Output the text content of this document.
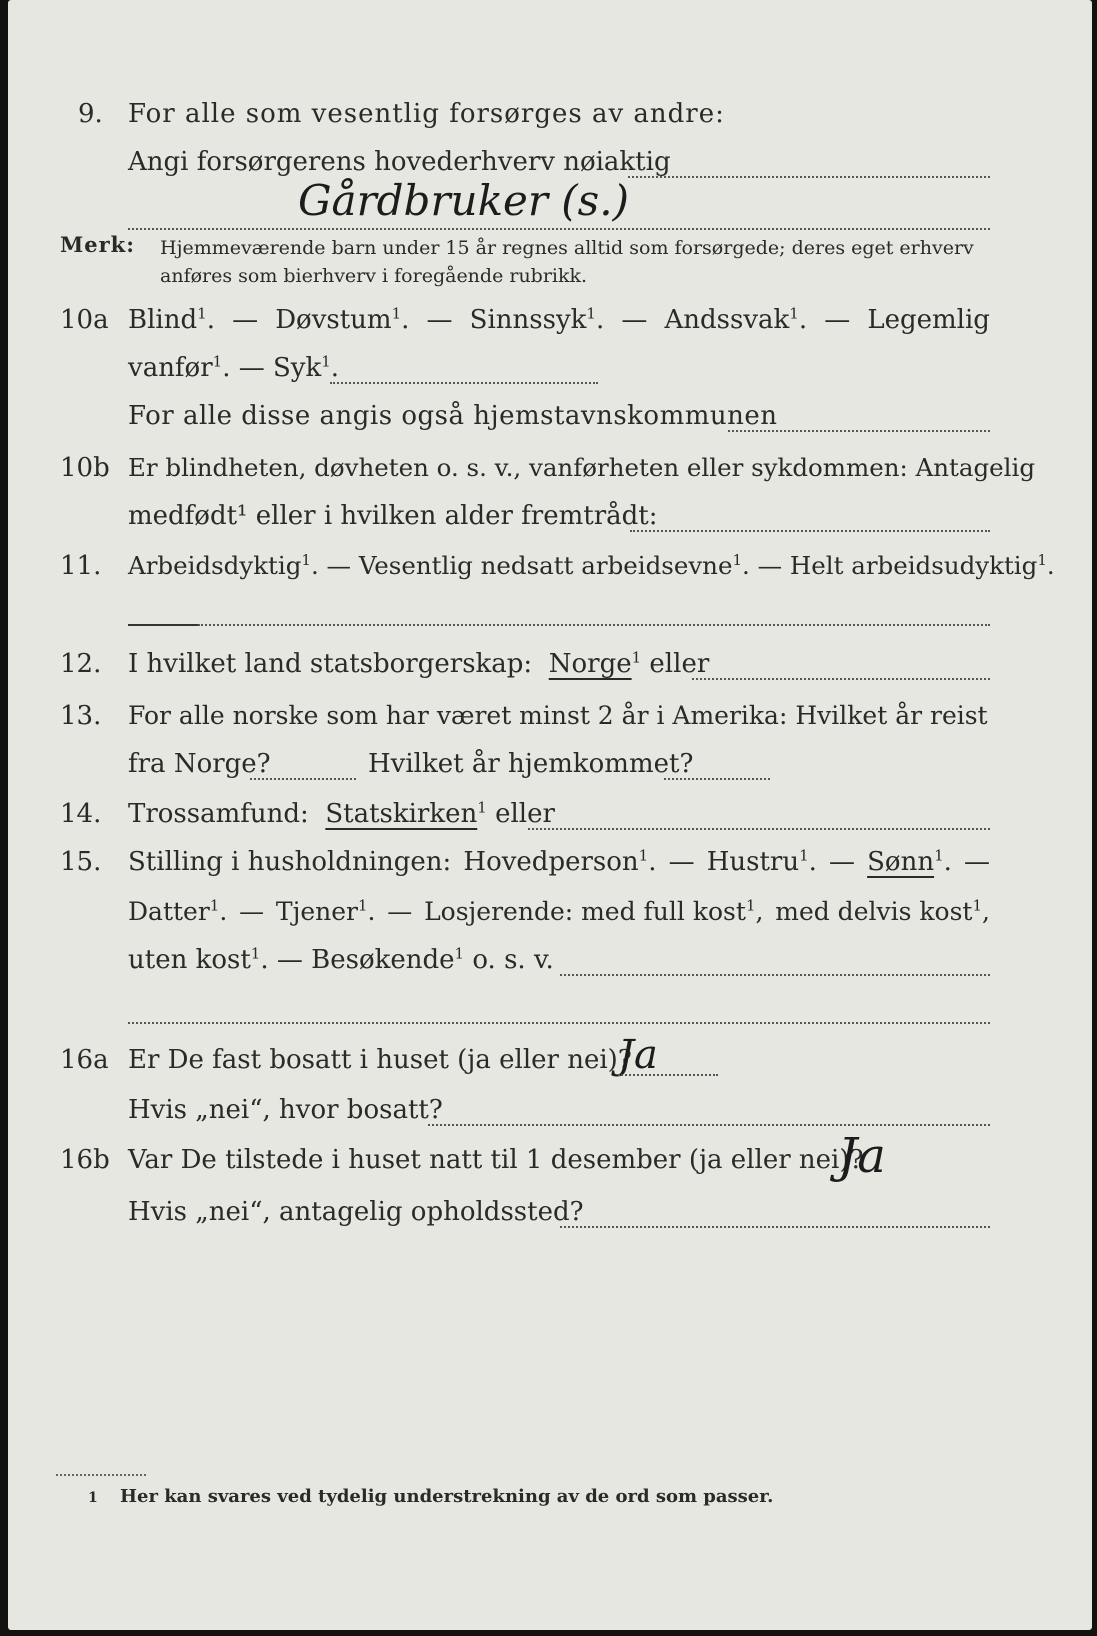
9. For alle som vesentlig forsørges av andre:
Angi forsørgerens hovederhverv nøiaktig
Gårdbruker (s.)
Merk: Hjemmeværende barn under 15 år regnes alltid som forsørgede; deres eget erhverv
anføres som bierhverv i foregående rubrikk.
10a Blind$^1$. — Døvstum$^1$. — Sinnssyk$^1$. — Andssvak$^1$. — Legemlig
vanfør$^1$. — Syk$^1$.
For alle disse angis også hjemstavnskommunen
10b Er blindheten, døvheten o. s. v., vanførheten eller sykdommen: Antagelig
medfødt¹ eller i hvilken alder fremtrådt:
11. Arbeidsdyktig$^1$. — Vesentlig nedsatt arbeidsevne$^1$. — Helt arbeidsudyktig$^1$.
12. I hvilket land statsborgerskap: Norge$^1$ eller
13. For alle norske som har været minst 2 år i Amerika: Hvilket år reist
fra Norge?	Hvilket år hjemkommet?
14. Trossamfund: Statskirken$^1$ eller
15. Stilling i husholdningen: Hovedperson$^1$. — Hustru$^1$. — Sønn$^1$. —
Datter$^1$. — Tjener$^1$. — Losjerende: med full kost$^1$, med delvis kost$^1$,
uten kost$^1$. — Besøkende$^1$ o. s. v.
16a Er De fast bosatt i huset (ja eller nei)?
Ja
Hvis „nei“, hvor bosatt?
16b Var De tilstede i huset natt til 1 desember (ja eller nei)?
Ja
Hvis „nei“, antagelig opholdssted?
1 Her kan svares ved tydelig understrekning av de ord som passer.
